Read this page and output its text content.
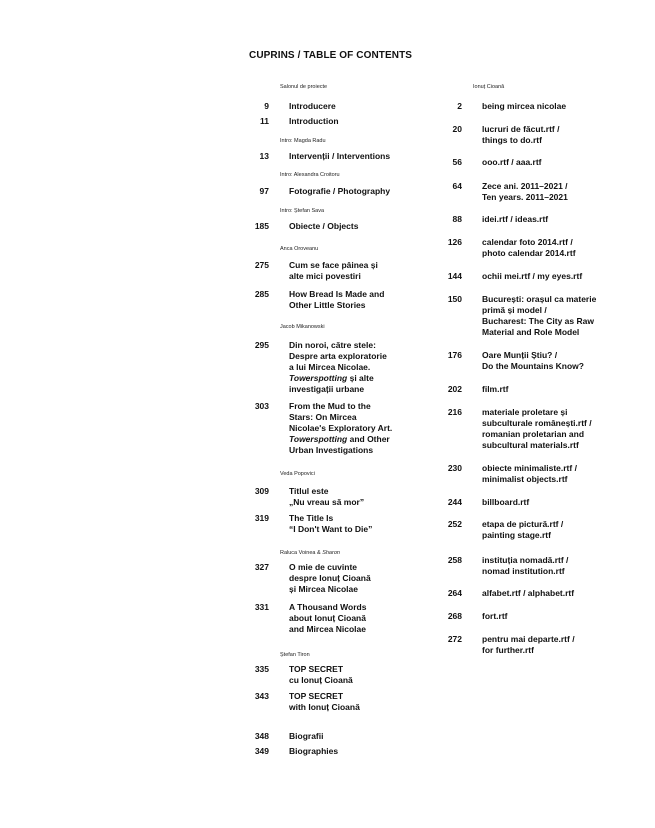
CUPRINS / TABLE OF CONTENTS
Salonul de proiecte
Intro: Magda Radu
Intro: Alexandra Croitoru
Intro: Ștefan Sava
Anca Oroveanu
Jacob Mikanowski
Veda Popovici
Raluca Voinea & Sharon
Ștefan Tiron
9 Introducere
11 Introduction
13 Intervenții / Interventions
97 Fotografie / Photography
185 Obiecte / Objects
275 Cum se face pâinea și
alte mici povestiri
285 How Bread Is Made and
Other Little Stories
295 Din noroi, către stele:
Despre arta exploratorie
a lui Mircea Nicolae.
Towerspotting și alte
investigații urbane
303 From the Mud to the
Stars: On Mircea
Nicolae's Exploratory Art.
Towerspotting and Other
Urban Investigations
309 Titlul este
„Nu vreau să mor”
319 The Title Is
“I Don't Want to Die”
327 O mie de cuvinte
despre Ionuț Cioană
și Mircea Nicolae
331 A Thousand Words
about Ionuț Cioană
and Mircea Nicolae
335 TOP SECRET
cu Ionuț Cioană
343 TOP SECRET
with Ionuț Cioană
348 Biografii
349 Biographies
Ionuț Cioană
2 being mircea nicolae
20 lucruri de făcut.rtf /
things to do.rtf
56 ooo.rtf / aaa.rtf
64 Zece ani. 2011–2021 /
Ten years. 2011–2021
88 idei.rtf / ideas.rtf
126 calendar foto 2014.rtf /
photo calendar 2014.rtf
144 ochii mei.rtf / my eyes.rtf
150 București: orașul ca materie
primă și model /
Bucharest: The City as Raw
Material and Role Model
176 Oare Munții Știu? /
Do the Mountains Know?
202 film.rtf
216 materiale proletare și
subculturale românești.rtf /
romanian proletarian and
subcultural materials.rtf
230 obiecte minimaliste.rtf /
minimalist objects.rtf
244 billboard.rtf
252 etapa de pictură.rtf /
painting stage.rtf
258 instituția nomadă.rtf /
nomad institution.rtf
264 alfabet.rtf / alphabet.rtf
268 fort.rtf
272 pentru mai departe.rtf /
for further.rtf
